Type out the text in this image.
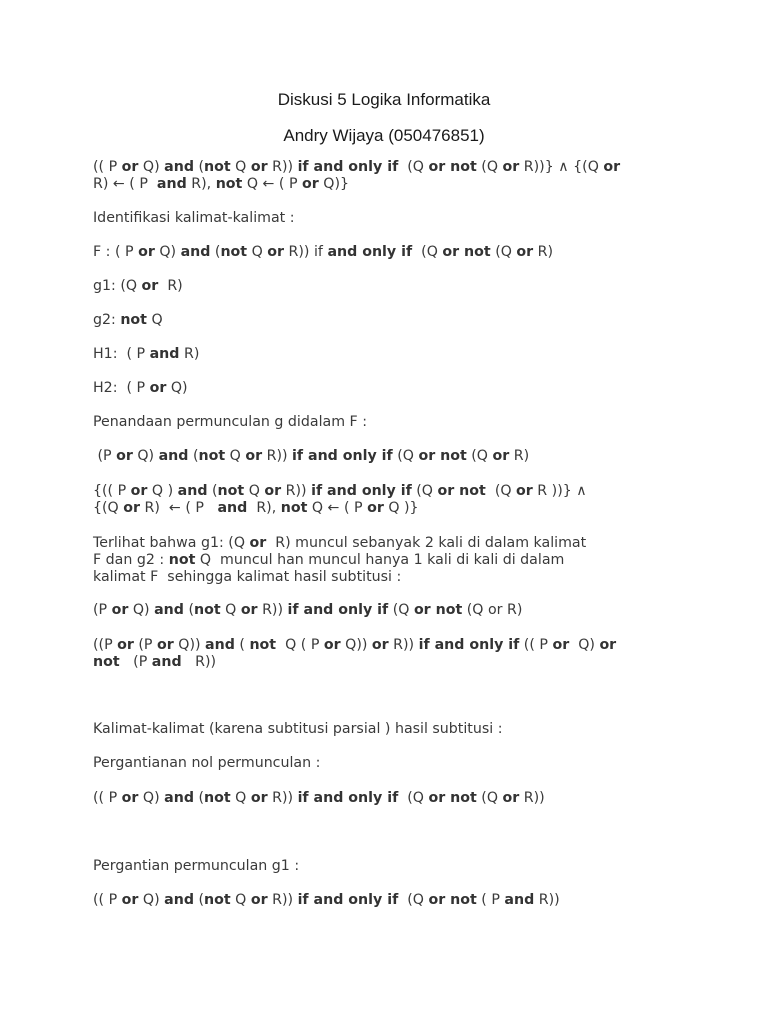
Diskusi 5 Logika Informatika
Andry Wijaya (050476851)

(( P or Q) and (not Q or R)) if and only if  (Q or not (Q or R))} ∧ {(Q or
R) ← ( P  and R), not Q ← ( P or Q)}

Identifikasi kalimat-kalimat :

F : ( P or Q) and (not Q or R)) if and only if  (Q or not (Q or R)

g1: (Q or  R)

g2: not Q

H1:  ( P and R)

H2:  ( P or Q)

Penandaan permunculan g didalam F :

(P or Q) and (not Q or R)) if and only if (Q or not (Q or R)

{(( P or Q ) and (not Q or R)) if and only if (Q or not  (Q or R ))} ∧
{(Q or R)  ← ( P   and  R), not Q ← ( P or Q )}

Terlihat bahwa g1: (Q or  R) muncul sebanyak 2 kali di dalam kalimat
F dan g2 : not Q  muncul han muncul hanya 1 kali di kali di dalam
kalimat F  sehingga kalimat hasil subtitusi :

(P or Q) and (not Q or R)) if and only if (Q or not (Q or R)

((P or (P or Q)) and ( not  Q ( P or Q)) or R)) if and only if (( P or  Q) or
not   (P and   R))

Kalimat-kalimat (karena subtitusi parsial ) hasil subtitusi :

Pergantianan nol permunculan :

(( P or Q) and (not Q or R)) if and only if  (Q or not (Q or R))

Pergantian permunculan g1 :

(( P or Q) and (not Q or R)) if and only if  (Q or not ( P and R))
